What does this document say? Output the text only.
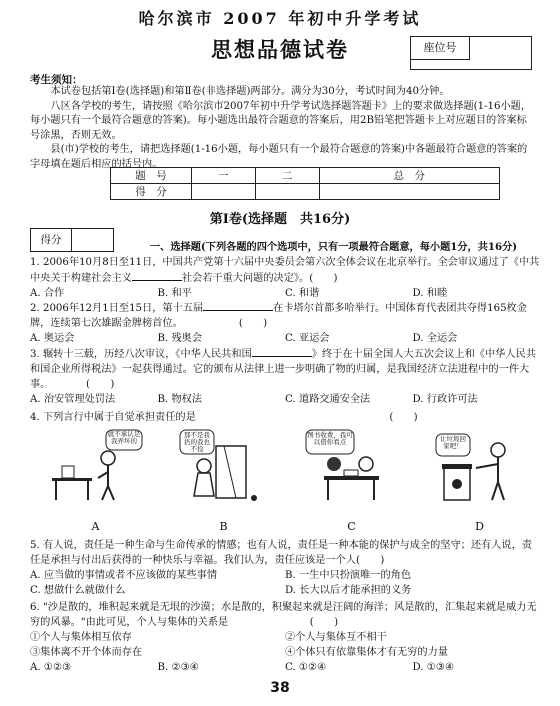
哈尔滨市 2007 年初中升学考试
思想品德试卷	座位号
考生须知：

本试卷包括第Ⅰ卷(选择题)和第Ⅱ卷(非选择题)两部分。满分为30分，考试时间为40分钟。

八区各学校的考生，请按照《哈尔滨市2007年初中升学考试选择题答题卡》上的要求做选择题(1-16小题，每小题只有一个最符合题意的答案)。每小题选出最符合题意的答案后，用2B铅笔把答题卡上对应题目的答案标号涂黑，否则无效。

县(市)学校的考生，请把选择题(1-16小题，每小题只有一个最符合题意的答案)中各题最符合题意的答案的字母填在题后相应的括号内。

题　号	一	二	总　分
得　分			
第Ⅰ卷(选择题　共16分)
得分
一、选择题(下列各题的四个选项中，只有一项最符合题意，每小题1分，共16分)

1. 2006年10月8日至11日，中国共产党第十六届中央委员会第六次全体会议在北京举行。全会审议通过了《中共中央关于构建社会主义	社会若干重大问题的决定》。(　　)

A. 合作	B. 和平	C. 和谐	D. 和睦

2. 2006年12月1日至15日，第十五届	在卡塔尔首都多哈举行。中国体育代表团共夺得165枚金牌，连续第七次雄踞金牌榜首位。　　　　　　(　　)

A. 奥运会	B. 残奥会	C. 亚运会	D. 全运会

3. 辗转十三载，历经八次审议，《中华人民共和国	》终于在十届全国人大五次会议上和《中华人民共和国企业所得税法》一起获得通过。它的颁布从法律上进一步明确了物的归属，是我国经济立法进程中的一件大事。　　　　(　　)

A. 治安管理处罚法	B. 物权法	C. 道路交通安全法	D. 行政许可法

4. 下列言行中属于自觉承担责任的是　　　　　　　　　　　　　　　　　　　(　　)

就不承认是我弄坏的
A
那不是我扔的我也不捡
B
图书收费，我可以借你看点
C
让垃圾回家吧！
D

5. 有人说，责任是一种生命与生命传承的情感；也有人说，责任是一种本能的保护与成全的坚守；还有人说，责任是承担与付出后获得的一种快乐与幸福。我们认为，责任应该是一个人(　　)

A. 应当做的事情或者不应该做的某些事情	B. 一生中只扮演唯一的角色
C. 想做什么就做什么	D. 长大以后才能承担的义务

6. "沙是散的，堆积起来就是无垠的沙漠；水是散的，积聚起来就是汪阔的海洋；风是散的，汇集起来就是威力无穷的风暴。"由此可见，个人与集体的关系是　　　　　　　　(　　)

①个人与集体相互依存	②个人与集体互不相干
③集体离不开个体而存在	④个体只有依靠集体才有无穷的力量
A. ①②③	B. ②③④	C. ①②④	D. ①③④
38
